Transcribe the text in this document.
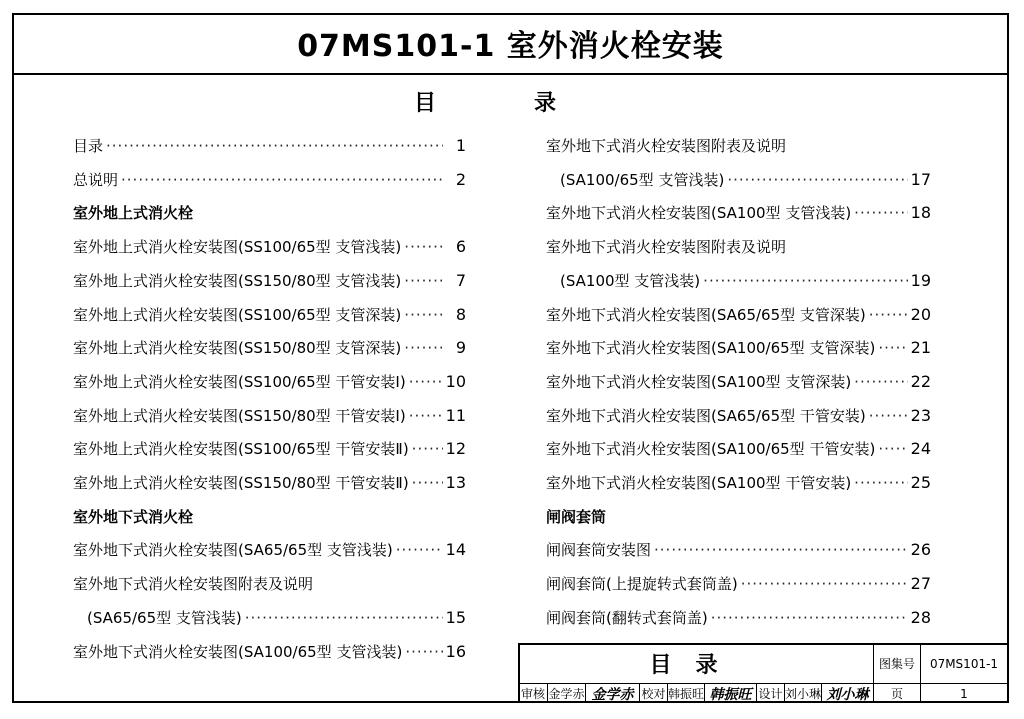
07MS101-1 室外消火栓安装
目	录
目录 ·····	1
总说明 ·····	2
室外地上式消火栓
室外地上式消火栓安装图(SS100/65型 支管浅装) ·····	6
室外地上式消火栓安装图(SS150/80型 支管浅装) ·····	7
室外地上式消火栓安装图(SS100/65型 支管深装) ·····	8
室外地上式消火栓安装图(SS150/80型 支管深装) ·····	9
室外地上式消火栓安装图(SS100/65型 干管安装Ⅰ) ····· 10
室外地上式消火栓安装图(SS150/80型 干管安装Ⅰ) ····· 11
室外地上式消火栓安装图(SS100/65型 干管安装Ⅱ) ····· 12
室外地上式消火栓安装图(SS150/80型 干管安装Ⅱ) ····· 13
室外地下式消火栓
室外地下式消火栓安装图(SA65/65型 支管浅装) ·····	14
室外地下式消火栓安装图附表及说明
(SA65/65型 支管浅装) ·····	15
室外地下式消火栓安装图(SA100/65型 支管浅装) ·····	16
室外地下式消火栓安装图附表及说明
(SA100/65型 支管浅装) ·····	17
室外地下式消火栓安装图(SA100型 支管浅装) ·····	18
室外地下式消火栓安装图附表及说明
(SA100型 支管浅装) ·····	19
室外地下式消火栓安装图(SA65/65型 支管深装) ·····	20
室外地下式消火栓安装图(SA100/65型 支管深装) ····· 21
室外地下式消火栓安装图(SA100型 支管深装) ·····	22
室外地下式消火栓安装图(SA65/65型 干管安装) ·····	23
室外地下式消火栓安装图(SA100/65型 干管安装) ····· 24
室外地下式消火栓安装图(SA100型 干管安装) ·····	25
闸阀套筒
闸阀套筒安装图 ·····	26
闸阀套筒(上提旋转式套筒盖) ·····	27
闸阀套筒(翻转式套筒盖) ·····	28
目录	图集号	07MS101-1
审核 金学赤 金学赤 校对 韩振旺 韩振旺 设计 刘小琳 刘小琳	页	1
